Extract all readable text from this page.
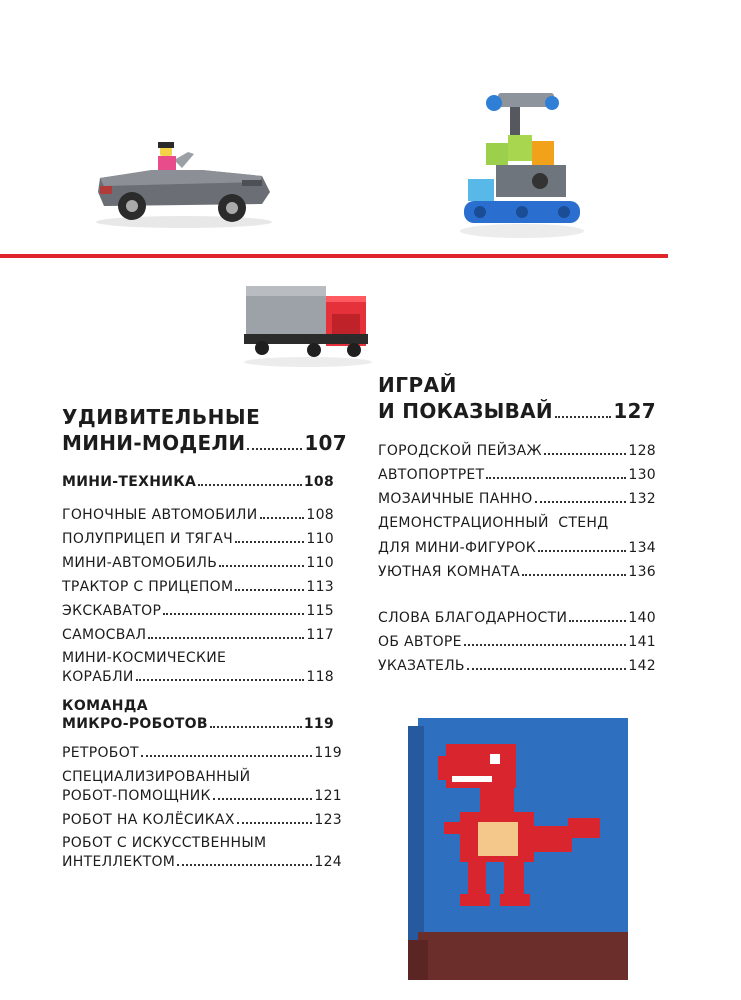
УДИВИТЕЛЬНЫЕ
МИНИ-МОДЕЛИ	107
МИНИ-ТЕХНИКА	108
ГОНОЧНЫЕ АВТОМОБИЛИ	108
ПОЛУПРИЦЕП И ТЯГАЧ	110
МИНИ-АВТОМОБИЛЬ	110
ТРАКТОР С ПРИЦЕПОМ	113
ЭКСКАВАТОР	115
САМОСВАЛ	117
МИНИ-КОСМИЧЕСКИЕ
КОРАБЛИ	118
КОМАНДА
МИКРО-РОБОТОВ	119
РЕТРОБОТ	119
СПЕЦИАЛИЗИРОВАННЫЙ
РОБОТ-ПОМОЩНИК	121
РОБОТ НА КОЛЁСИКАХ	123
РОБОТ С ИСКУССТВЕННЫМ
ИНТЕЛЛЕКТОМ	124
ИГРАЙ
И ПОКАЗЫВАЙ	127
ГОРОДСКОЙ ПЕЙЗАЖ	128
АВТОПОРТРЕТ	130
МОЗАИЧНЫЕ ПАННО	132
ДЕМОНСТРАЦИОННЫЙ  СТЕНД
ДЛЯ МИНИ-ФИГУРОК	134
УЮТНАЯ КОМНАТА	136
СЛОВА БЛАГОДАРНОСТИ	140
ОБ АВТОРЕ	141
УКАЗАТЕЛЬ	142
